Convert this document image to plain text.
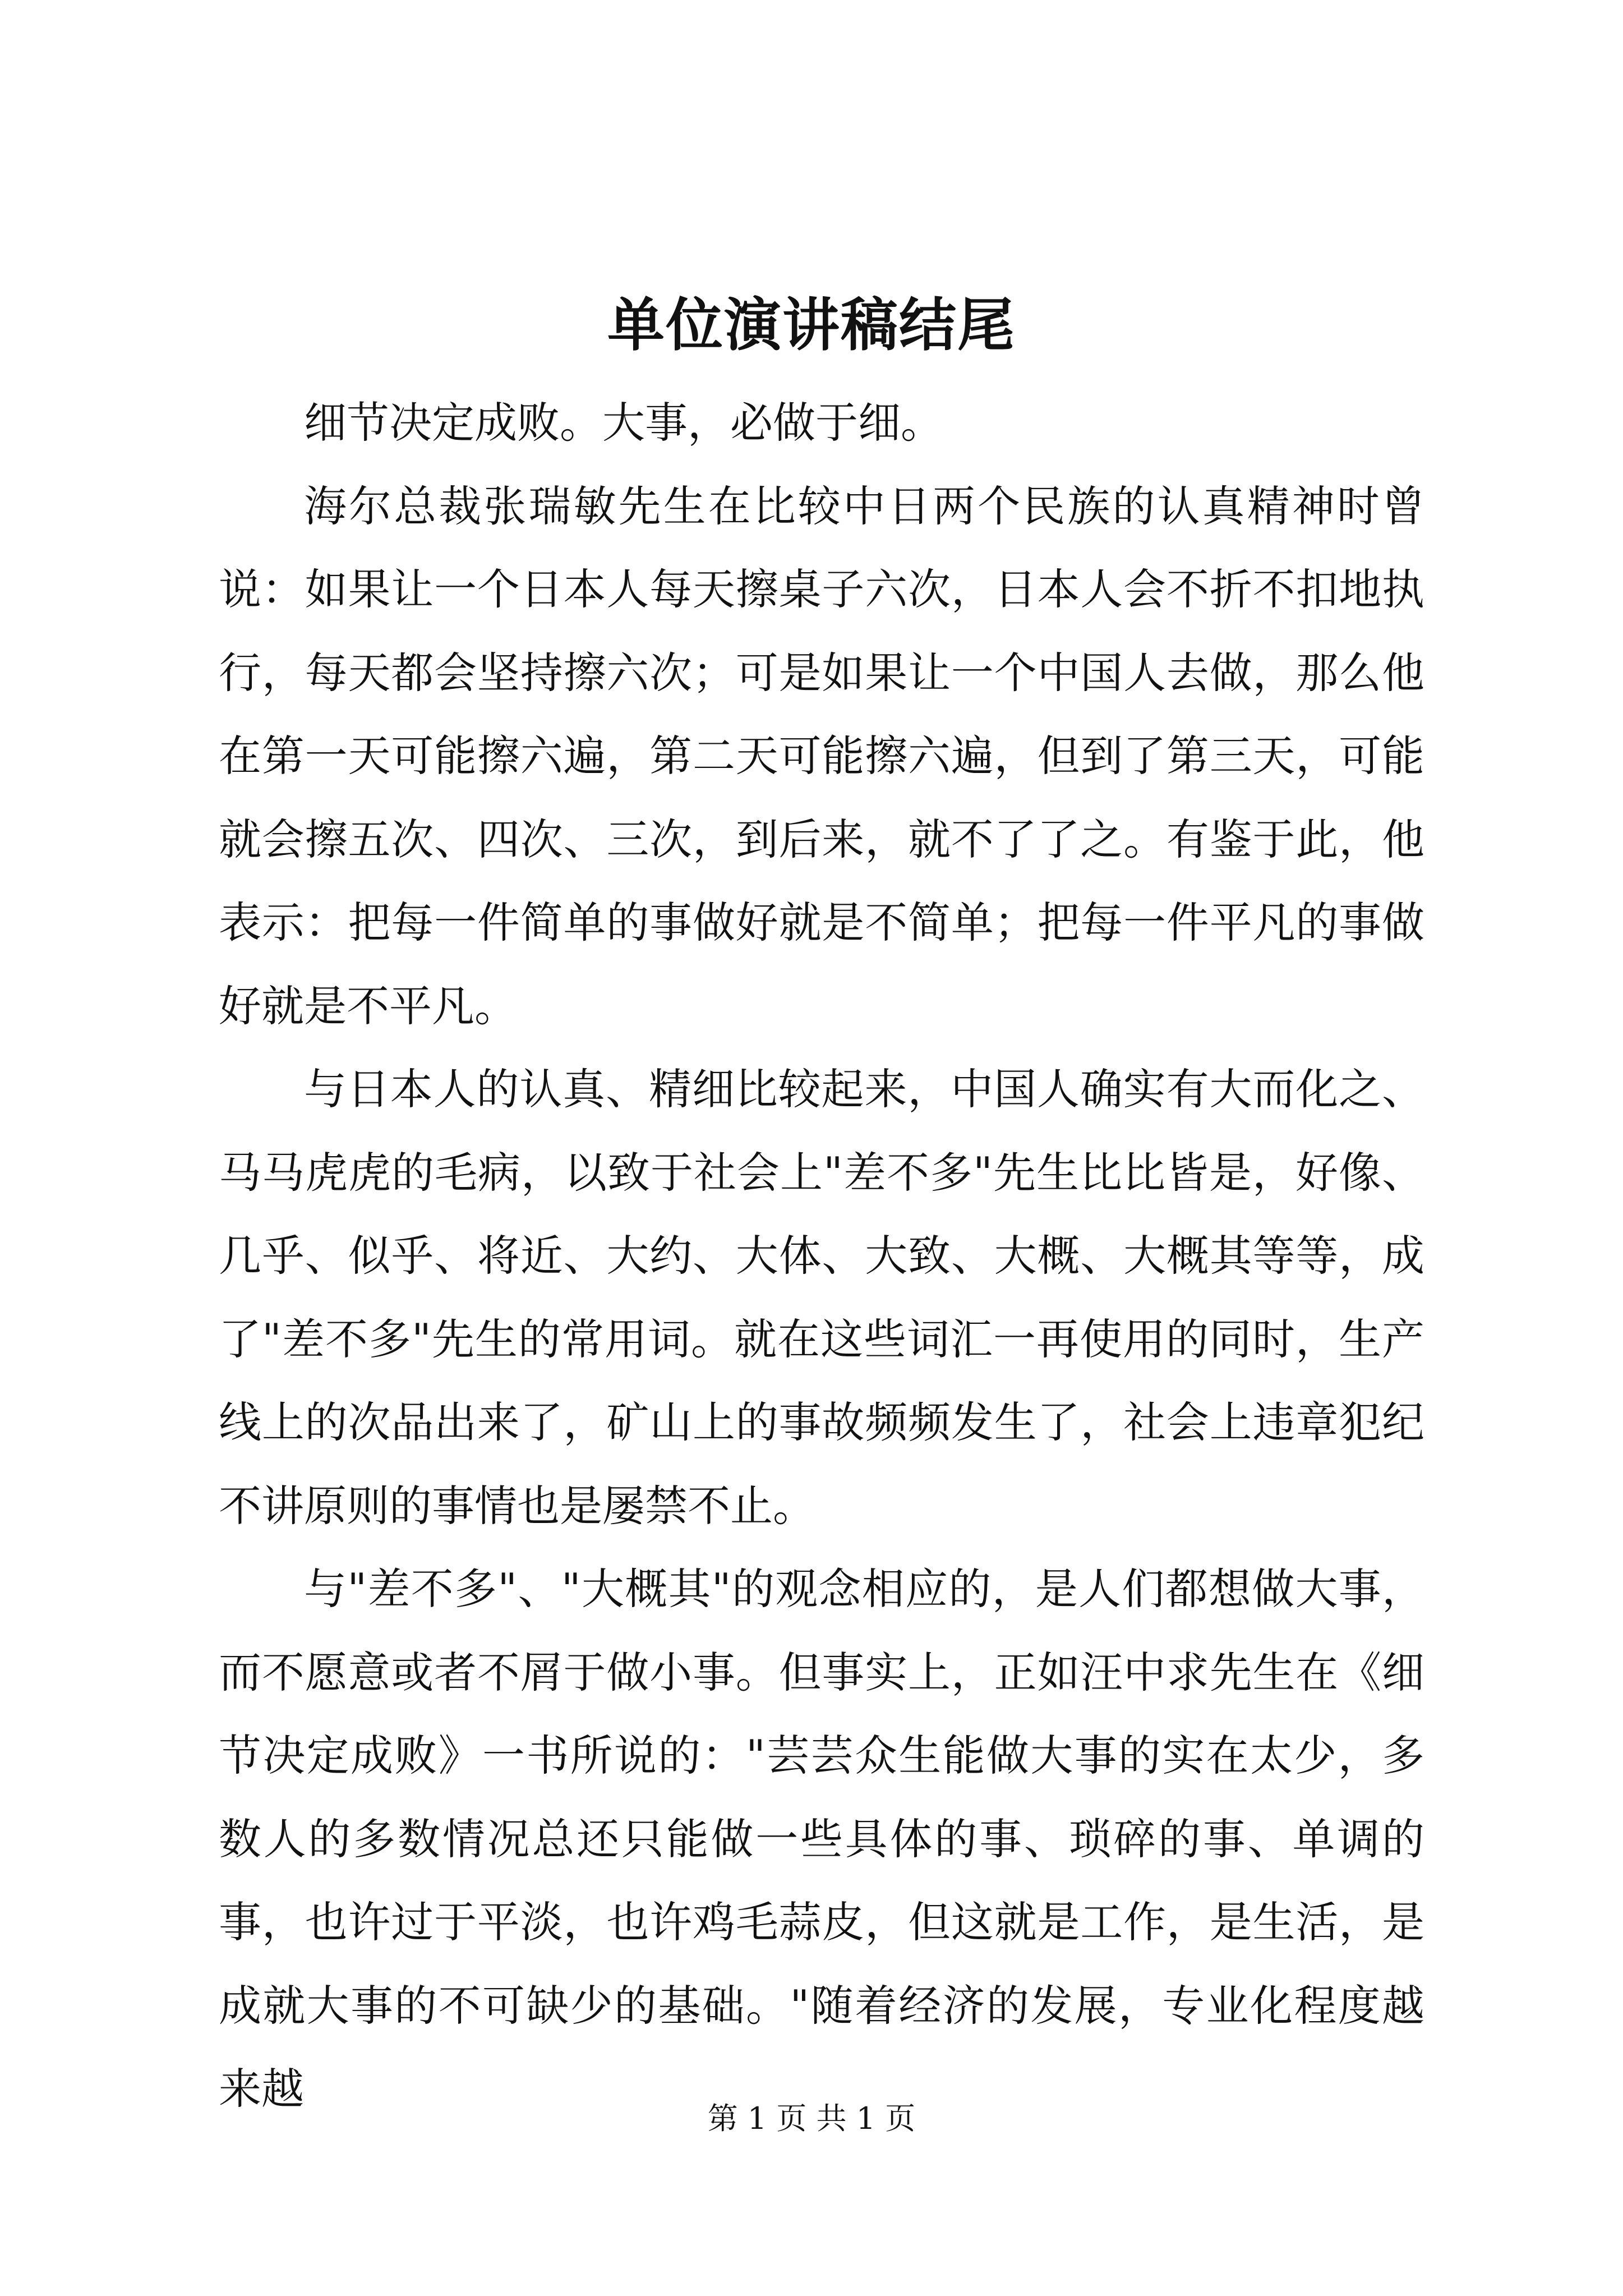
单位演讲稿结尾

细节决定成败。大事，必做于细。

海尔总裁张瑞敏先生在比较中日两个民族的认真精神时曾说：如果让一个日本人每天擦桌子六次，日本人会不折不扣地执行，每天都会坚持擦六次；可是如果让一个中国人去做，那么他在第一天可能擦六遍，第二天可能擦六遍，但到了第三天，可能就会擦五次、四次、三次，到后来，就不了了之。有鉴于此，他表示：把每一件简单的事做好就是不简单；把每一件平凡的事做好就是不平凡。

与日本人的认真、精细比较起来，中国人确实有大而化之、马马虎虎的毛病，以致于社会上"差不多"先生比比皆是，好像、几乎、似乎、将近、大约、大体、大致、大概、大概其等等，成了"差不多"先生的常用词。就在这些词汇一再使用的同时，生产线上的次品出来了，矿山上的事故频频发生了，社会上违章犯纪不讲原则的事情也是屡禁不止。

与"差不多"、"大概其"的观念相应的，是人们都想做大事，而不愿意或者不屑于做小事。但事实上，正如汪中求先生在《细节决定成败》一书所说的："芸芸众生能做大事的实在太少，多数人的多数情况总还只能做一些具体的事、琐碎的事、单调的事，也许过于平淡，也许鸡毛蒜皮，但这就是工作，是生活，是成就大事的不可缺少的基础。"随着经济的发展，专业化程度越来越

第 1 页 共 1 页
